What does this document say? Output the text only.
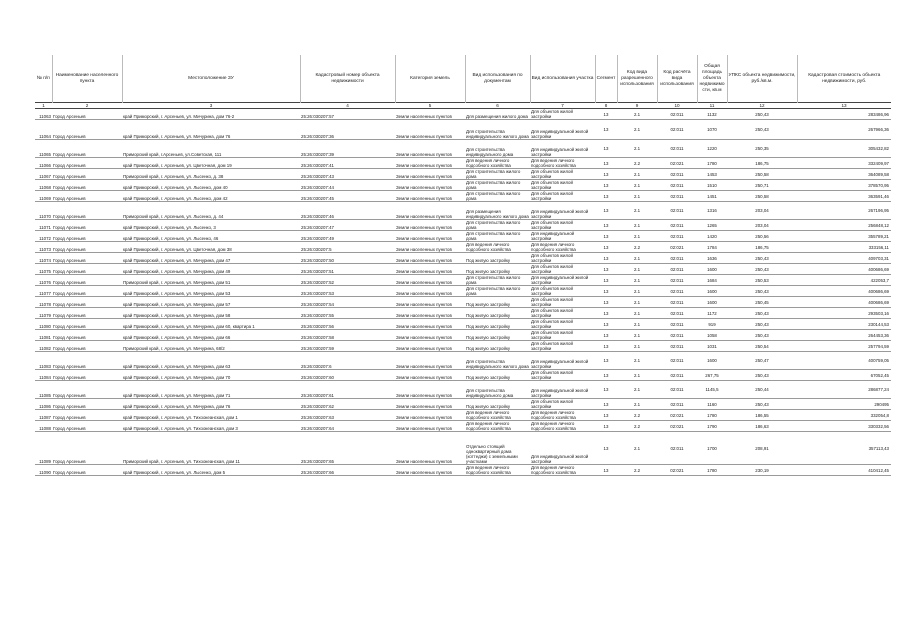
№ п/п	Наименование населенного пункта	Местоположение ЗУ	Кадастровый номер объекта недвижимости	Категория земель	Вид использования по документам	Вид использования участка	Сегмент	Код вида разрешенного использования	Код расчёта вида использования	Общая площадь объекта недвижимо сти, кв.м	УПКС объекта недвижимости, руб./кв.м.	Кадастровая стоимость объекта недвижимости, руб.
1	2	3	4	5	6	7	8	9	10	11	12	13
11063	Город Арсеньев	край Приморский, г. Арсеньев, ул. Мичурина, дом 76-2	25:26:030207:57	Земли населенных пунктов	Для размещения жилого дома	Для объектов жилой застройки	13	2.1	02:011	1132	250,43	283486,96
11064	Город Арсеньев	край Приморский, г. Арсеньев, ул. Мичурина, дом 76	25:26:030207:36	Земли населенных пунктов	Для строительства индивидуального жилого дома	Для индивидуальной жилой застройки	13	2.1	02:011	1070	250,43	267966,36
11065	Город Арсеньев	Приморский край, г.Арсеньев, ул.Советская, 111	25:26:030207:39	Земли населенных пунктов	Для строительства индивидуального дома	Для индивидуальной жилой застройки	13	2.1	02:011	1220	250,35	305432,82
11066	Город Арсеньев	край Приморский, г. Арсеньев, ул. Цветочная, дом 19	25:26:030207:41	Земли населенных пунктов	Для ведения личного подсобного хозяйства	Для ведения личного подсобного хозяйства	13	2.2	02:021	1780	186,75	332409,97
11067	Город Арсеньев	Приморский край, г. Арсеньев, ул. Лысенко, д. 38	25:26:030207:43	Земли населенных пунктов	Для строительства жилого дома	Для объектов жилой застройки	13	2.1	02:011	1453	250,58	364089,58
11068	Город Арсеньев	край Приморский, г. Арсеньев, ул. Лысенко, дом 40	25:26:030207:44	Земли населенных пунктов	Для строительства жилого дома	Для объектов жилой застройки	13	2.1	02:011	1510	250,71	378570,95
11069	Город Арсеньев	край Приморский, г. Арсеньев, ул. Лысенко, дом 42	25:26:030207:45	Земли населенных пунктов	Для строительства жилого дома	Для объектов жилой застройки	13	2.1	02:011	1451	250,58	363591,46
11070	Город Арсеньев	Приморский край, г. Арсеньев, ул. Лысенко, д. 44	25:26:030207:46	Земли населенных пунктов	Для размещения индивидуального жилого дома	Для индивидуальной жилой застройки	13	2.1	02:011	1316	203,04	267196,95
11071	Город Арсеньев	край Приморский, г. Арсеньев, ул. Лысенко, 3	25:26:030207:47	Земли населенных пунктов	Для строительства жилого дома	Для объектов жилой застройки	13	2.1	02:011	1265	203,04	256848,12
11072	Город Арсеньев	край Приморский, г. Арсеньев, ул. Лысенко, 46	25:26:030207:49	Земли населенных пунктов	Для строительства жилого дома	Для индивидуальной застройки	13	2.1	02:011	1420	250,56	355789,21
11073	Город Арсеньев	край Приморский, г. Арсеньев, ул. Цветочная, дом 38	25:26:030207:5	Земли населенных пунктов	Для ведения личного подсобного хозяйства	Для ведения личного подсобного хозяйства	13	2.2	02:021	1784	186,75	333156,11
11074	Город Арсеньев	край Приморский, г. Арсеньев, ул. Мичурина, дом 47	25:26:030207:50	Земли населенных пунктов	Под жилую застройку	Для объектов жилой застройки	13	2.1	02:011	1636	250,43	409703,31
11075	Город Арсеньев	край Приморский, г. Арсеньев, ул. Мичурина, дом 49	25:26:030207:51	Земли населенных пунктов	Под жилую застройку	Для объектов жилой застройки	13	2.1	02:011	1600	250,43	400686,69
11076	Город Арсеньев	Приморский край, г. Арсеньев, ул. Мичурина, дом 51	25:26:030207:52	Земли населенных пунктов	Для строительства жилого дома	Для индивидуальной жилой застройки	13	2.1	02:011	1684	250,53	422053,7
11077	Город Арсеньев	край Приморский, г. Арсеньев, ул. Мичурина, дом 53	25:26:030207:53	Земли населенных пунктов	Для строительства жилого дома	Для объектов жилой застройки	13	2.1	02:011	1600	250,43	400686,69
11078	Город Арсеньев	край Приморский, г. Арсеньев, ул. Мичурина, дом 57	25:26:030207:54	Земли населенных пунктов	Под жилую застройку	Для объектов жилой застройки	13	2.1	02:011	1600	250,45	400686,69
11079	Город Арсеньев	край Приморский, г. Арсеньев, ул. Мичурина, дом 58	25:26:030207:55	Земли населенных пунктов	Под жилую застройку	Для объектов жилой застройки	13	2.1	02:011	1172	250,43	293503,16
11080	Город Арсеньев	край Приморский, г. Арсеньев, ул. Мичурина, дом 60, квартира 1	25:26:030207:56	Земли населенных пунктов	Под жилую застройку	Для объектов жилой застройки	13	2.1	02:011	919	250,43	230144,53
11081	Город Арсеньев	край Приморский, г. Арсеньев, ул. Мичурина, дом 66	25:26:030207:58	Земли населенных пунктов	Под жилую застройку	Для объектов жилой застройки	13	2.1	02:011	1058	250,43	264453,36
11082	Город Арсеньев	Приморский край, г. Арсеньев, ул. Мичурина, 68/2	25:26:030207:59	Земли населенных пунктов	Под жилую застройку	Для объектов жилой застройки	13	2.1	02:011	1031	250,54	257794,59
11083	Город Арсеньев	край Приморский, г. Арсеньев, ул. Мичурина, дом 63	25:26:030207:6	Земли населенных пунктов	Для строительства индивидуального жилого дома	Для индивидуальной жилой застройки	13	2.1	02:011	1600	250,47	400759,05
11084	Город Арсеньев	край Приморский, г. Арсеньев, ул. Мичурина, дом 70	25:26:030207:60	Земли населенных пунктов	Под жилую застройку	Для объектов жилой застройки	13	2.1	02:011	267,75	250,43	67052,45
11085	Город Арсеньев	край Приморский, г. Арсеньев, ул. Мичурина, дом 71	25:26:030207:61	Земли населенных пунктов	Для строительства индивидуального дома	Для индивидуальной жилой застройки	13	2.1	02:011	1145,5	250,44	286877,24
11086	Город Арсеньев	край Приморский, г. Арсеньев, ул. Мичурина, дом 76	25:26:030207:62	Земли населенных пунктов	Под жилую застройку	Для объектов жилой застройки	13	2.1	02:011	1160	250,43	290495
11087	Город Арсеньев	край Приморский, г. Арсеньев, ул. Тихоокеанская, дом 1	25:26:030207:63	Земли населенных пунктов	Для ведения личного подсобного хозяйства	Для ведения личного подсобного хозяйства	13	2.2	02:021	1780	186,55	332054,8
11088	Город Арсеньев	край Приморский, г. Арсеньев, ул. Тихоокеанская, дом 3	25:26:030207:64	Земли населенных пунктов	Для ведения личного подсобного хозяйства	Для ведения личного подсобного хозяйства	13	2.2	02:021	1790	186,63	330332,56
11089	Город Арсеньев	Приморский край, г. Арсеньев, ул. Тихоокеанская, дом 11	25:26:030207:65	Земли населенных пунктов	Отдельно стоящий одноквартирный дома (коттеджи) с земельными участками	Для индивидуальной жилой застройки	13	2.1	02:011	1700	208,91	357113,43
11090	Город Арсеньев	край Приморский, г. Арсеньев, ул. Лысенко, дом 5	25:26:030207:66	Земли населенных пунктов	Для ведения личного подсобного хозяйства	Для ведения личного подсобного хозяйства	13	2.2	02:021	1780	230,19	410412,45
